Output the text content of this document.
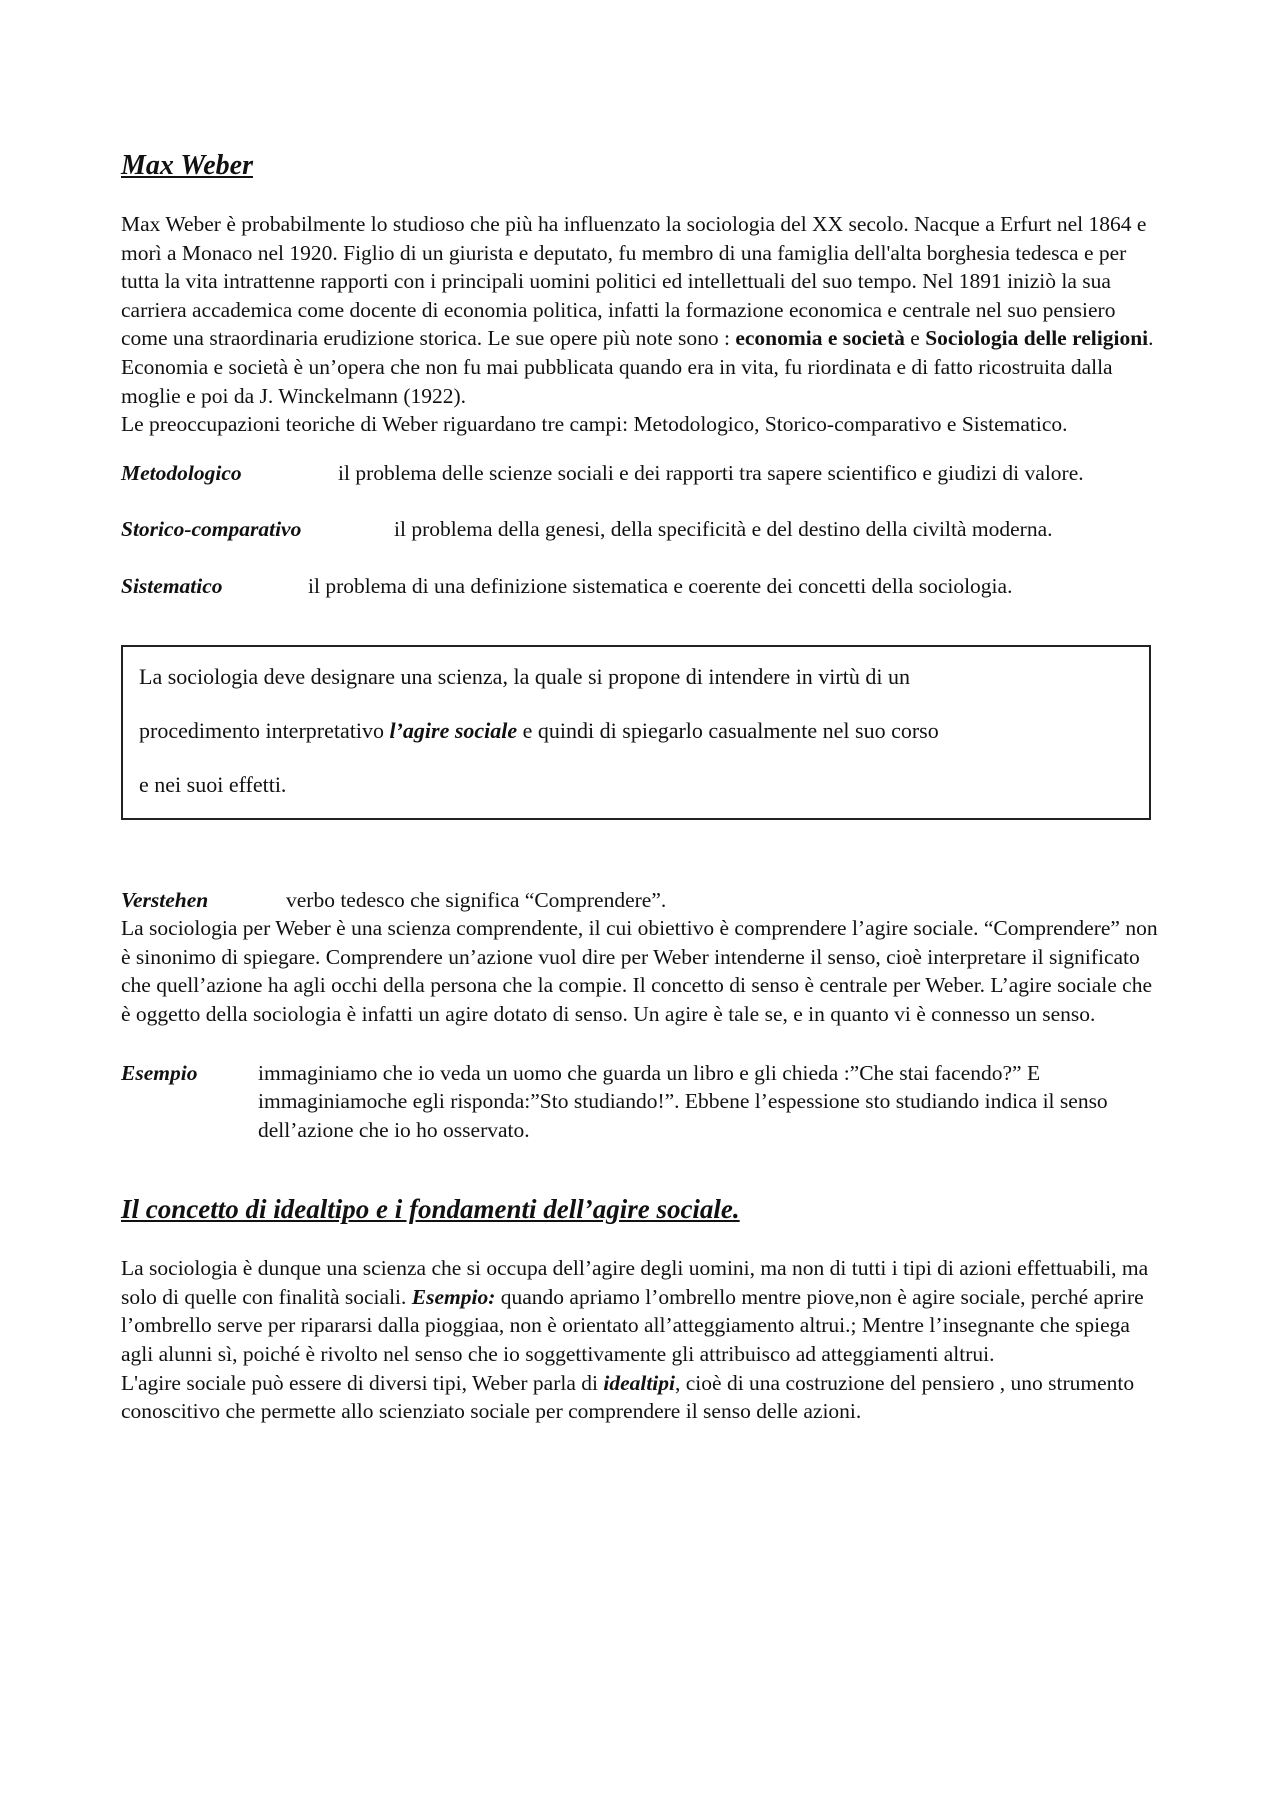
Max Weber

Max Weber è probabilmente lo studioso che più ha influenzato la sociologia del XX secolo. Nacque a Erfurt nel 1864 e morì a Monaco nel 1920. Figlio di un giurista e deputato, fu membro di una famiglia dell'alta borghesia tedesca e per tutta la vita intrattenne rapporti con i principali uomini politici ed intellettuali del suo tempo. Nel 1891 iniziò la sua carriera accademica come docente di economia politica, infatti la formazione economica e centrale nel suo pensiero come una straordinaria erudizione storica. Le sue opere più note sono : economia e società e Sociologia delle religioni. Economia e società è un’opera che non fu mai pubblicata quando era in vita, fu riordinata e di fatto ricostruita dalla moglie e poi da J. Winckelmann (1922).

Le preoccupazioni teoriche di Weber riguardano tre campi: Metodologico, Storico-comparativo e Sistematico.

Metodologico	il problema delle scienze sociali e dei rapporti tra sapere scientifico e giudizi di valore.
Storico-comparativo	il problema della genesi, della specificità e del destino della civiltà moderna.
Sistematico	il problema di una definizione sistematica e coerente dei concetti della sociologia.
La sociologia deve designare una scienza, la quale si propone di intendere in virtù di un
procedimento interpretativo l’agire sociale e quindi di spiegarlo casualmente nel suo corso
e nei suoi effetti.
Verstehen	verbo tedesco che significa “Comprendere”.

La sociologia per Weber è una scienza comprendente, il cui obiettivo è comprendere l’agire sociale. “Comprendere” non è sinonimo di spiegare. Comprendere un’azione vuol dire per Weber intenderne il senso, cioè interpretare il significato che quell’azione ha agli occhi della persona che la compie. Il concetto di senso è centrale per Weber. L’agire sociale che è oggetto della sociologia è infatti un agire dotato di senso. Un agire è tale se, e in quanto vi è connesso un senso.

Esempio	immaginiamo che io veda un uomo che guarda un libro e gli chieda :”Che stai facendo?” E immaginiamoche egli risponda:”Sto studiando!”. Ebbene l’espessione sto studiando indica il senso dell’azione che io ho osservato.
Il concetto di idealtipo e i fondamenti dell’agire sociale.

La sociologia è dunque una scienza che si occupa dell’agire degli uomini, ma non di tutti i tipi di azioni effettuabili, ma solo di quelle con finalità sociali. Esempio: quando apriamo l’ombrello mentre piove,non è agire sociale, perché aprire l’ombrello serve per ripararsi dalla pioggiaa, non è orientato all’atteggiamento altrui.; Mentre l’insegnante che spiega agli alunni sì, poiché è rivolto nel senso che io soggettivamente gli attribuisco ad atteggiamenti altrui.

L'agire sociale può essere di diversi tipi, Weber parla di idealtipi, cioè di una costruzione del pensiero , uno strumento conoscitivo che permette allo scienziato sociale per comprendere il senso delle azioni.
